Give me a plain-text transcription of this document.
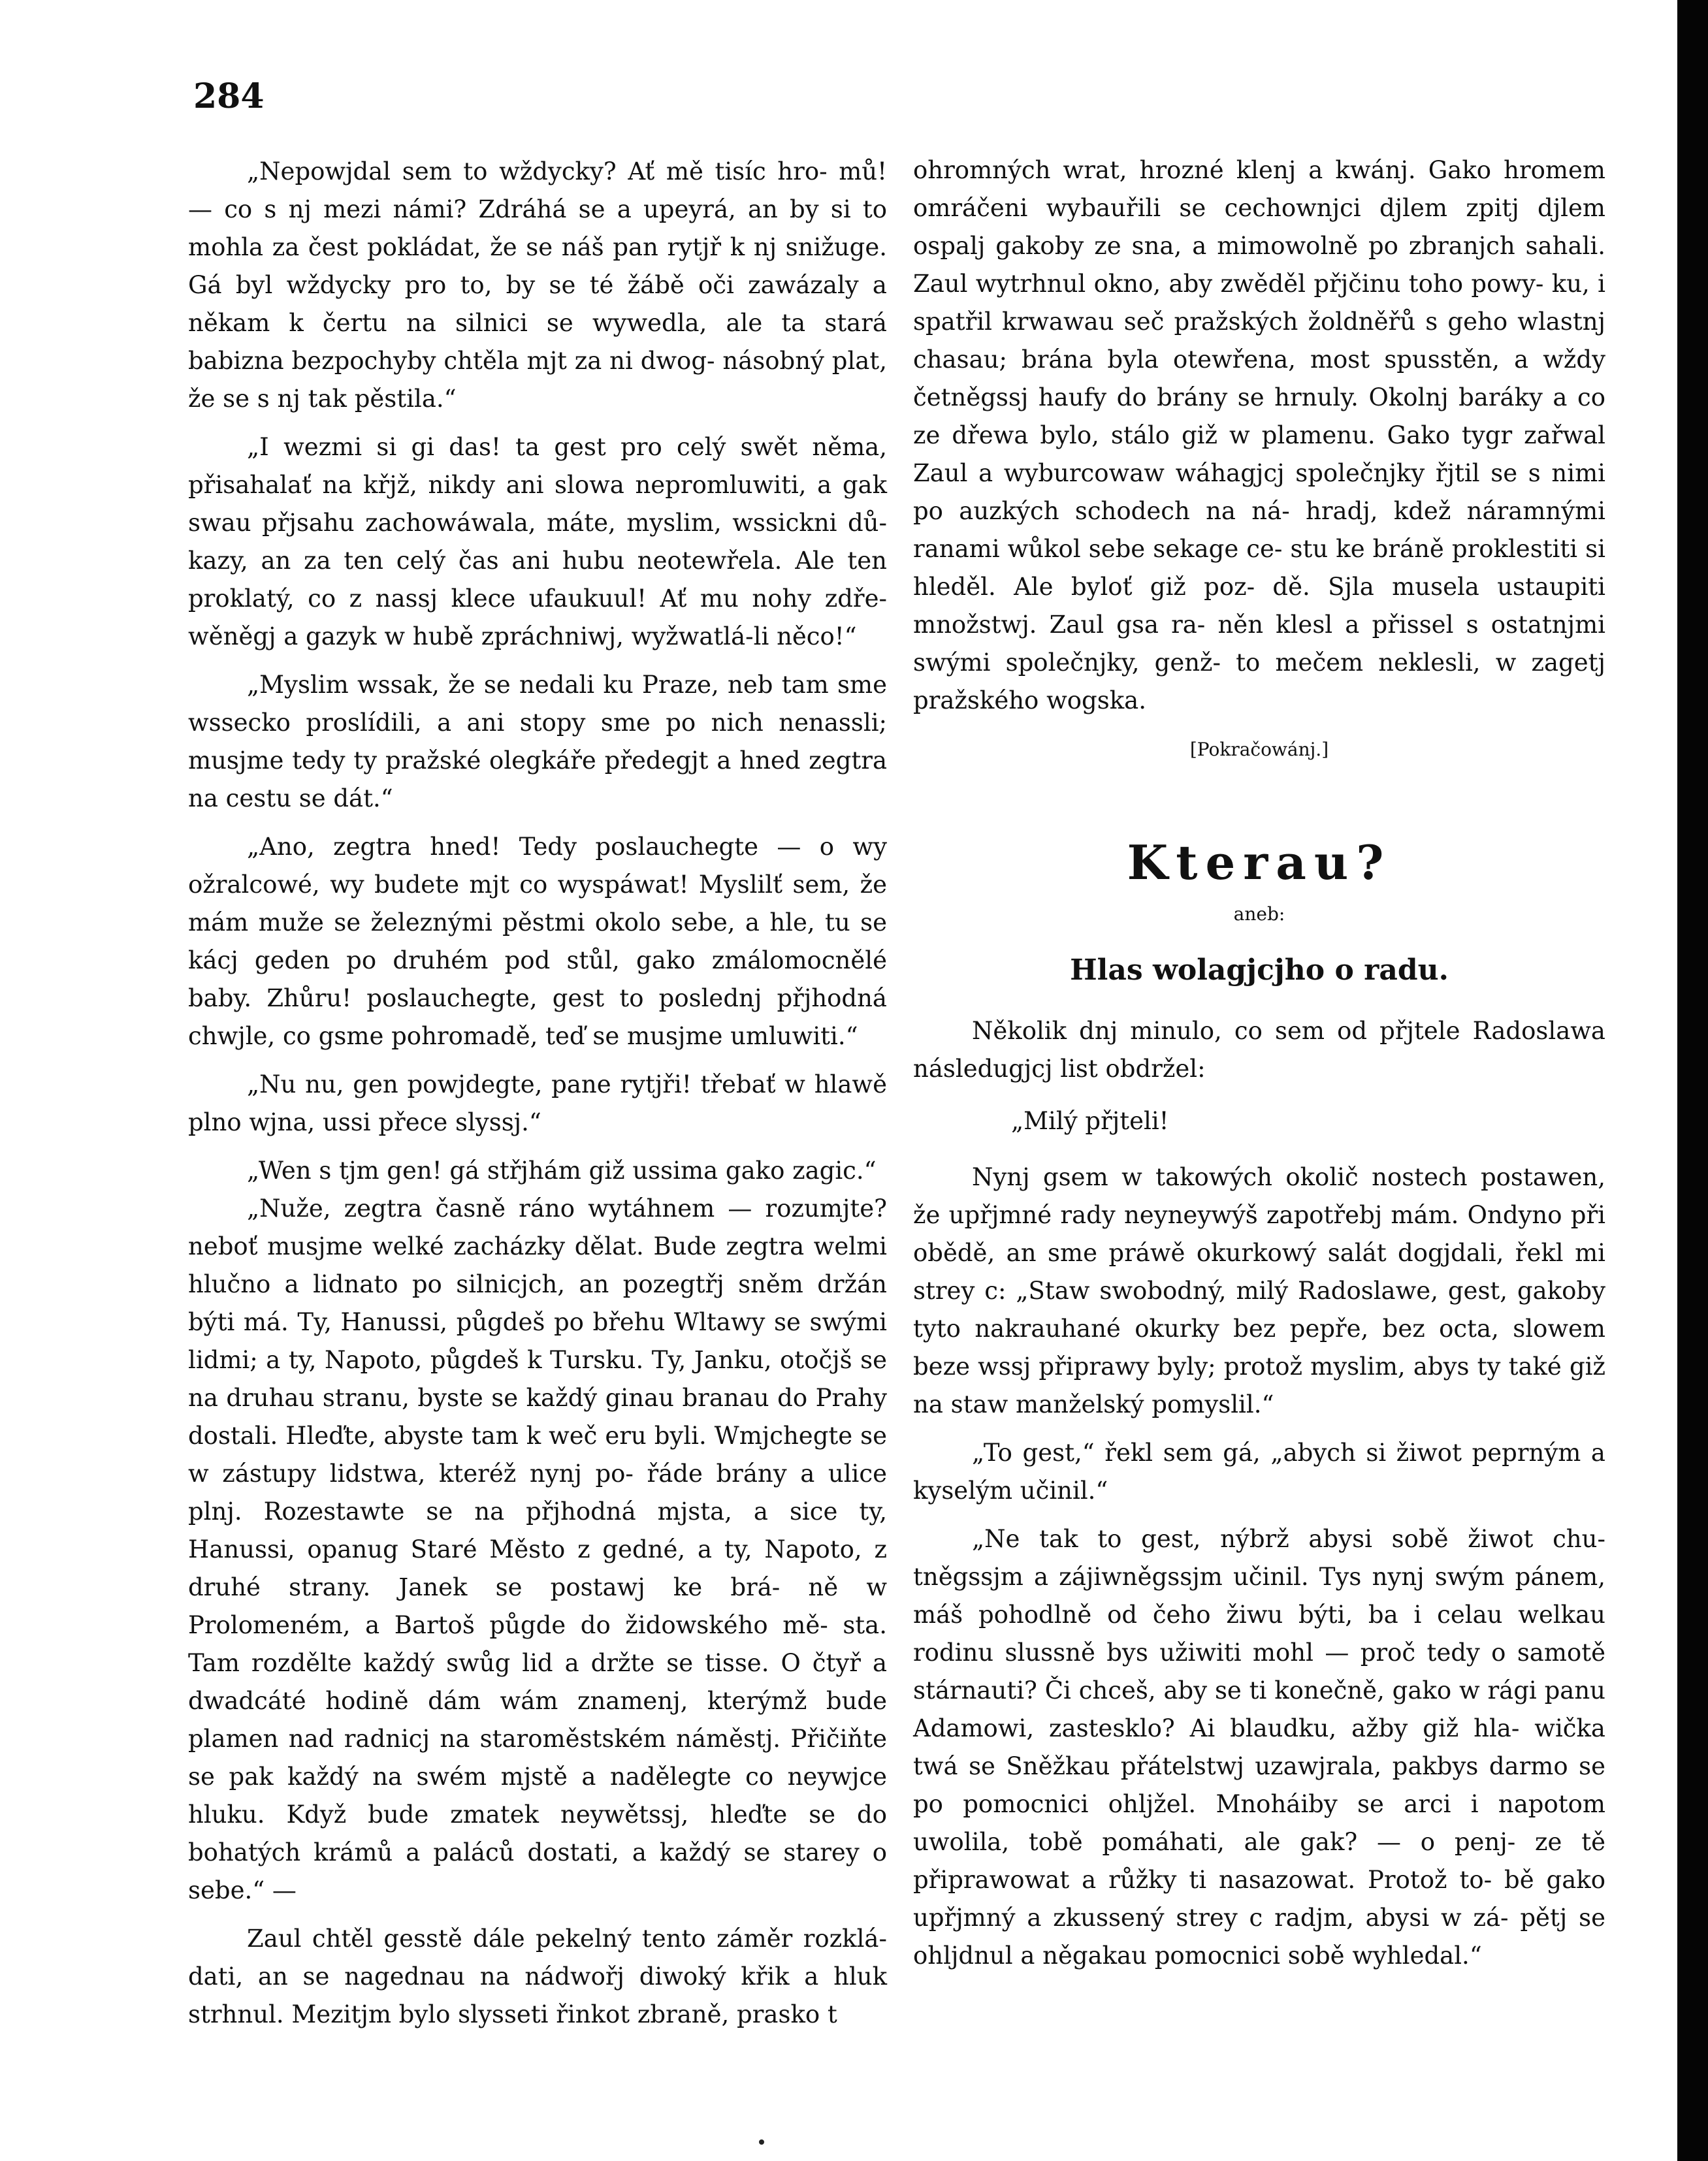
284

„Nepowjdal sem to wždycky? Ať mě tisíc hro- mů! — co s nj mezi námi? Zdráhá se a upeyrá, an by si to mohla za čest pokládat, že se náš pan rytjř k nj snižuge. Gá byl wždycky pro to, by se té žábě oči zawázaly a někam k čertu na silnici se wywedla, ale ta stará babizna bezpochyby chtěla mjt za ni dwog- násobný plat, že se s nj tak pěstila.“

„I wezmi si gi das! ta gest pro celý swět něma, přisahalať na křjž, nikdy ani slowa nepromluwiti, a gak swau přjsahu zachowáwala, máte, myslim, wssickni dů- kazy, an za ten celý čas ani hubu neotewřela. Ale ten proklatý, co z nassj klece ufaukuul! Ať mu nohy zdře- wěněgj a gazyk w hubě zpráchniwj, wyžwatlá-li něco!“

„Myslim wssak, že se nedali ku Praze, neb tam sme wssecko proslídili, a ani stopy sme po nich nenassli; musjme tedy ty pražské olegkáře předegjt a hned zegtra na cestu se dát.“

„Ano, zegtra hned! Tedy poslauchegte — o wy ožralcowé, wy budete mjt co wyspáwat! Myslilť sem, že mám muže se železnými pěstmi okolo sebe, a hle, tu se kácj geden po druhém pod stůl, gako zmálomocnělé baby. Zhůru! poslauchegte, gest to poslednj přjhodná chwjle, co gsme pohromadě, teď se musjme umluwiti.“

„Nu nu, gen powjdegte, pane rytjři! třebať w hlawě plno wjna, ussi přece slyssj.“

„Wen s tjm gen! gá střjhám giž ussima gako zagic.“

„Nuže, zegtra časně ráno wytáhnem — rozumjte? neboť musjme welké zacházky dělat. Bude zegtra welmi hlučno a lidnato po silnicjch, an pozegtřj sněm držán býti má. Ty, Hanussi, půgdeš po břehu Wltawy se swými lidmi; a ty, Napoto, půgdeš k Tursku. Ty, Janku, otočjš se na druhau stranu, byste se každý ginau branau do Prahy dostali. Hleďte, abyste tam k weč eru byli. Wmjchegte se w zástupy lidstwa, kteréž nynj po- řáde brány a ulice plnj. Rozestawte se na přjhodná mjsta, a sice ty, Hanussi, opanug Staré Město z gedné, a ty, Napoto, z druhé strany. Janek se postawj ke brá- ně w Prolomeném, a Bartoš půgde do židowského mě- sta. Tam rozdělte každý swůg lid a držte se tisse. O čtyř a dwadcáté hodině dám wám znamenj, kterýmž bude plamen nad radnicj na staroměstském náměstj. Přičiňte se pak každý na swém mjstě a nadělegte co neywjce hluku. Když bude zmatek neywětssj, hleďte se do bohatých krámů a paláců dostati, a každý se starey o sebe.“ —

Zaul chtěl gesstě dále pekelný tento záměr rozklá- dati, an se nagednau na nádwořj diwoký křik a hluk strhnul. Mezitjm bylo slysseti řinkot zbraně, prasko t

ohromných wrat, hrozné klenj a kwánj. Gako hromem omráčeni wybauřili se cechownjci djlem zpitj djlem ospalj gakoby ze sna, a mimowolně po zbranjch sahali. Zaul wytrhnul okno, aby zwěděl přjčinu toho powy- ku, i spatřil krwawau seč pražských žoldněřů s geho wlastnj chasau; brána byla otewřena, most spusstěn, a wždy četněgssj haufy do brány se hrnuly. Okolnj baráky a co ze dřewa bylo, stálo giž w plamenu. Gako tygr zařwal Zaul a wyburcowaw wáhagjcj společnjky řjtil se s nimi po auzkých schodech na ná- hradj, kdež náramnými ranami wůkol sebe sekage ce- stu ke bráně proklestiti si hleděl. Ale byloť giž poz- dě. Sjla musela ustaupiti množstwj. Zaul gsa ra- něn klesl a přissel s ostatnjmi swými společnjky, genž- to mečem neklesli, w zagetj pražského wogska.

[Pokračowánj.]
Kterau?
aneb:
Hlas wolagjcjho o radu.

Několik dnj minulo, co sem od přjtele Radoslawa následugjcj list obdržel:

„Milý přjteli!

Nynj gsem w takowých okolič nostech postawen, že upřjmné rady neyneywýš zapotřebj mám. Ondyno při obědě, an sme práwě okurkowý salát dogjdali, řekl mi strey c: „Staw swobodný, milý Radoslawe, gest, gakoby tyto nakrauhané okurky bez pepře, bez octa, slowem beze wssj připrawy byly; protož myslim, abys ty také giž na staw manželský pomyslil.“

„To gest,“ řekl sem gá, „abych si žiwot peprným a kyselým učinil.“

„Ne tak to gest, nýbrž abysi sobě žiwot chu- tněgssjm a zájiwněgssjm učinil. Tys nynj swým pánem, máš pohodlně od čeho žiwu býti, ba i celau welkau rodinu slussně bys užiwiti mohl — proč tedy o samotě stárnauti? Či chceš, aby se ti konečně, gako w rági panu Adamowi, zastesklo? Ai blaudku, ažby giž hla- wička twá se Sněžkau přátelstwj uzawjrala, pakbys darmo se po pomocnici ohljžel. Mnoháiby se arci i napotom uwolila, tobě pomáhati, ale gak? — o penj- ze tě připrawowat a růžky ti nasazowat. Protož to- bě gako upřjmný a zkussený strey c radjm, abysi w zá- pětj se ohljdnul a něgakau pomocnici sobě wyhledal.“
